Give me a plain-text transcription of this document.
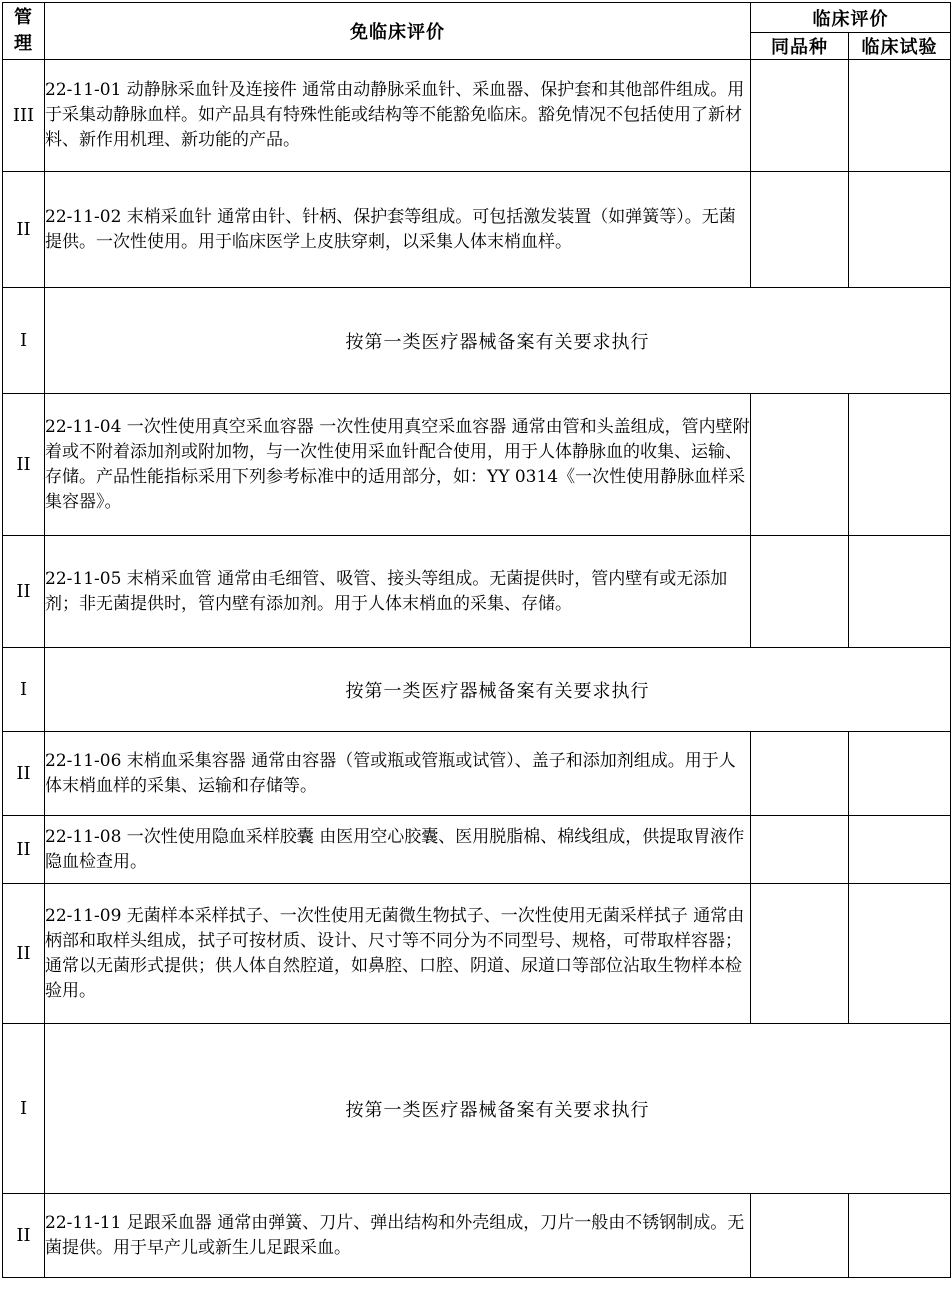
管
理	免临床评价	临床评价	
		同品种	临床试验
III	22-11-01 动静脉采血针及连接件 通常由动静脉采血针、采血器、保护套和其他部件组成。用于采集动静脉血样。如产品具有特殊性能或结构等不能豁免临床。豁免情况不包括使用了新材料、新作用机理、新功能的产品。		
II	22-11-02 末梢采血针 通常由针、针柄、保护套等组成。可包括激发装置（如弹簧等）。无菌提供。一次性使用。用于临床医学上皮肤穿刺，以采集人体末梢血样。		
I	按第一类医疗器械备案有关要求执行		
II	22-11-04 一次性使用真空采血容器 一次性使用真空采血容器 通常由管和头盖组成，管内壁附着或不附着添加剂或附加物，与一次性使用采血针配合使用，用于人体静脉血的收集、运输、存储。产品性能指标采用下列参考标准中的适用部分，如：YY 0314《一次性使用静脉血样采集容器》。		
II	22-11-05 末梢采血管 通常由毛细管、吸管、接头等组成。无菌提供时，管内壁有或无添加剂；非无菌提供时，管内壁有添加剂。用于人体末梢血的采集、存储。		
I	按第一类医疗器械备案有关要求执行		
II	22-11-06 末梢血采集容器 通常由容器（管或瓶或管瓶或试管）、盖子和添加剂组成。用于人体末梢血样的采集、运输和存储等。		
II	22-11-08 一次性使用隐血采样胶囊 由医用空心胶囊、医用脱脂棉、棉线组成，供提取胃液作隐血检查用。		
II	22-11-09 无菌样本采样拭子、一次性使用无菌微生物拭子、一次性使用无菌采样拭子 通常由柄部和取样头组成，拭子可按材质、设计、尺寸等不同分为不同型号、规格，可带取样容器；通常以无菌形式提供；供人体自然腔道，如鼻腔、口腔、阴道、尿道口等部位沾取生物样本检验用。		
I	按第一类医疗器械备案有关要求执行		
II	22-11-11 足跟采血器 通常由弹簧、刀片、弹出结构和外壳组成，刀片一般由不锈钢制成。无菌提供。用于早产儿或新生儿足跟采血。		
